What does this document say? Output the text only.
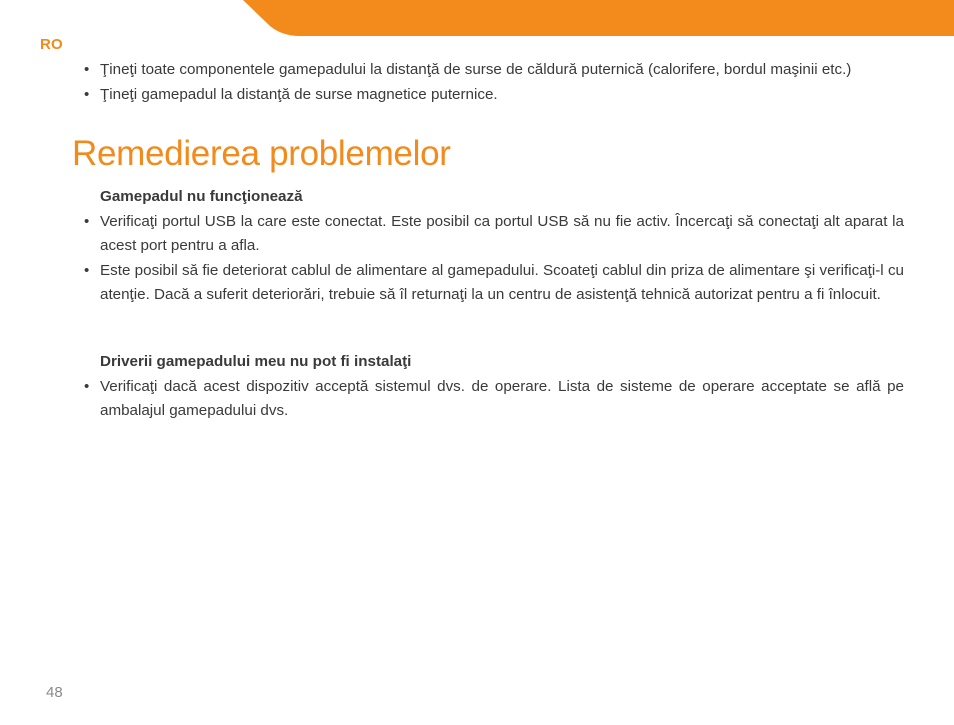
RO
• Ţineţi toate componentele gamepadului la distanţă de surse de căldură puternică (calorifere, bordul maşinii etc.)
• Ţineţi gamepadul la distanţă de surse magnetice puternice.
Remedierea problemelor
Gamepadul nu funcţionează
• Verificaţi portul USB la care este conectat. Este posibil ca portul USB să nu fie activ. Încercaţi să conectaţi alt aparat la acest port pentru a afla.
• Este posibil să fie deteriorat cablul de alimentare al gamepadului. Scoateţi cablul din priza de alimentare şi verificaţi-l cu atenţie. Dacă a suferit deteriorări, trebuie să îl returnaţi la un centru de asistenţă tehnică autorizat pentru a fi înlocuit.
Driverii gamepadului meu nu pot fi instalaţi
• Verificaţi dacă acest dispozitiv acceptă sistemul dvs. de operare. Lista de sisteme de operare acceptate se află pe ambalajul gamepadului dvs.
48
